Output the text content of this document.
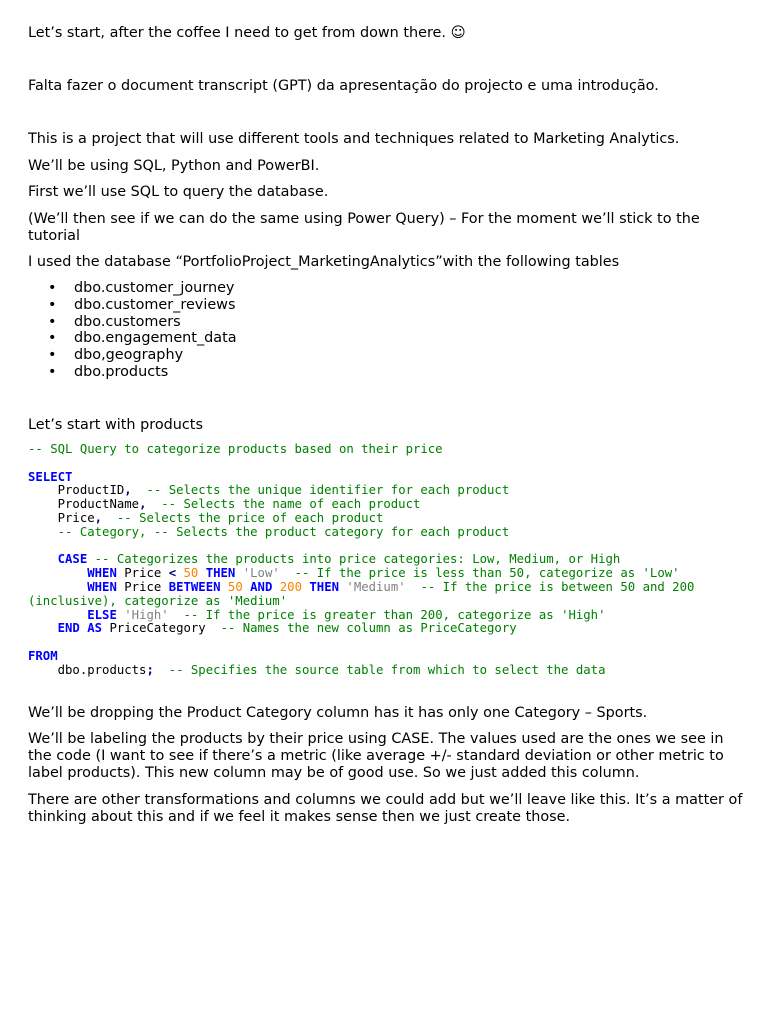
Let’s start, after the coffee I need to get from down there. ☺

Falta fazer o document transcript (GPT) da apresentação do projecto e uma introdução.

This is a project that will use different tools and techniques related to Marketing Analytics.

We’ll be using SQL, Python and PowerBI.

First we’ll use SQL to query the database.

(We’ll then see if we can do the same using Power Query) – For the moment we’ll stick to the tutorial

I used the database “PortfolioProject_MarketingAnalytics”with the following tables

• dbo.customer_journey
• dbo.customer_reviews
• dbo.customers
• dbo.engagement_data
• dbo,geography
• dbo.products

Let’s start with products

-- SQL Query to categorize products based on their price

SELECT
ProductID,  -- Selects the unique identifier for each product
ProductName,  -- Selects the name of each product
Price,  -- Selects the price of each product
-- Category, -- Selects the product category for each product

CASE -- Categorizes the products into price categories: Low, Medium, or High
WHEN Price < 50 THEN 'Low'  -- If the price is less than 50, categorize as 'Low'
WHEN Price BETWEEN 50 AND 200 THEN 'Medium'  -- If the price is between 50 and 200 (inclusive), categorize as 'Medium'
ELSE 'High'  -- If the price is greater than 200, categorize as 'High'
END AS PriceCategory  -- Names the new column as PriceCategory

FROM
dbo.products;  -- Specifies the source table from which to select the data

We’ll be dropping the Product Category column has it has only one Category – Sports.

We’ll be labeling the products by their price using CASE. The values used are the ones we see in the code (I want to see if there’s a metric (like average +/- standard deviation or other metric to label products). This new column may be of good use. So we just added this column.

There are other transformations and columns we could add but we’ll leave like this. It’s a matter of thinking about this and if we feel it makes sense then we just create those.
